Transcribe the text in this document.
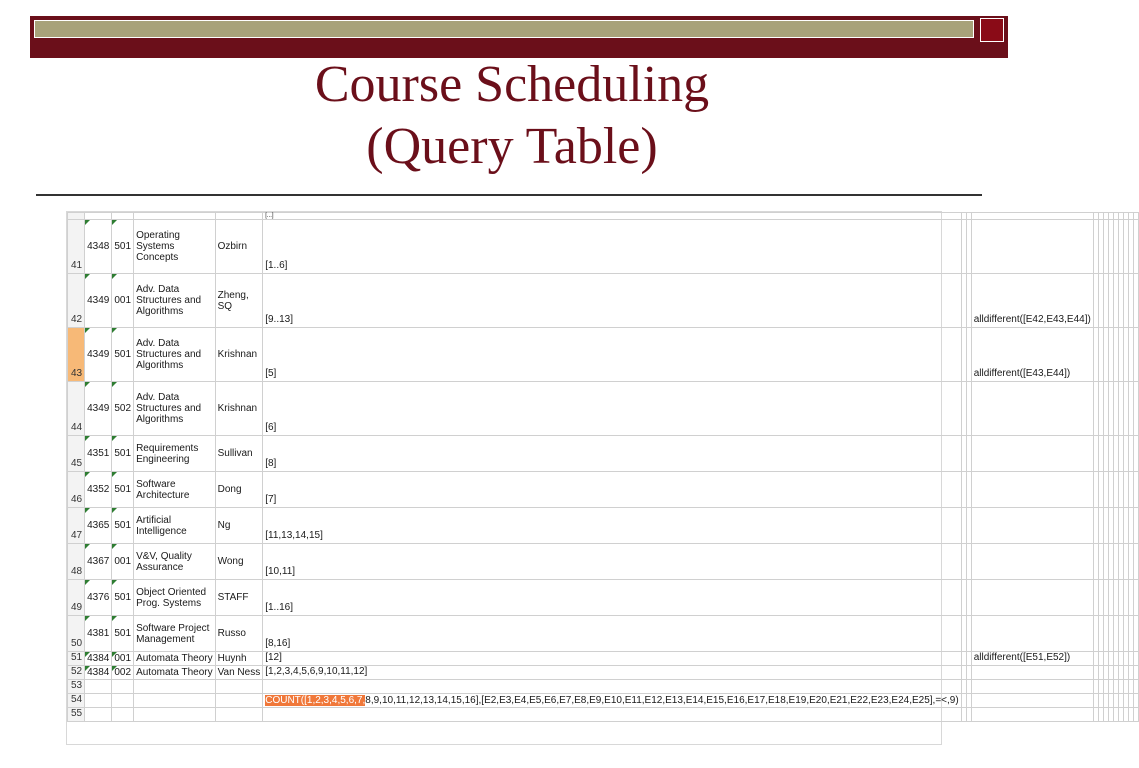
Course Scheduling
(Query Table)
					[...]												
41	4348	501	Operating Systems Concepts	Ozbirn	[1..6]												
42	4349	001	Adv. Data Structures and Algorithms	Zheng, SQ	[9..13]			alldifferent([E42,E43,E44])									
43	4349	501	Adv. Data Structures and Algorithms	Krishnan	[5]			alldifferent([E43,E44])									
44	4349	502	Adv. Data Structures and Algorithms	Krishnan	[6]												
45	4351	501	Requirements Engineering	Sullivan	[8]												
46	4352	501	Software Architecture	Dong	[7]												
47	4365	501	Artificial Intelligence	Ng	[11,13,14,15]												
48	4367	001	V&V, Quality Assurance	Wong	[10,11]												
49	4376	501	Object Oriented Prog. Systems	STAFF	[1..16]												
50	4381	501	Software Project Management	Russo	[8,16]												
51	4384	001	Automata Theory	Huynh	[12]			alldifferent([E51,E52])									
52	4384	002	Automata Theory	Van Ness	[1,2,3,4,5,6,9,10,11,12]												
53																	
54					COUNT([1,2,3,4,5,6,7,8,9,10,11,12,13,14,15,16],[E2,E3,E4,E5,E6,E7,E8,E9,E10,E11,E12,E13,E14,E15,E16,E17,E18,E19,E20,E21,E22,E23,E24,E25],=<,9)												
55																	
